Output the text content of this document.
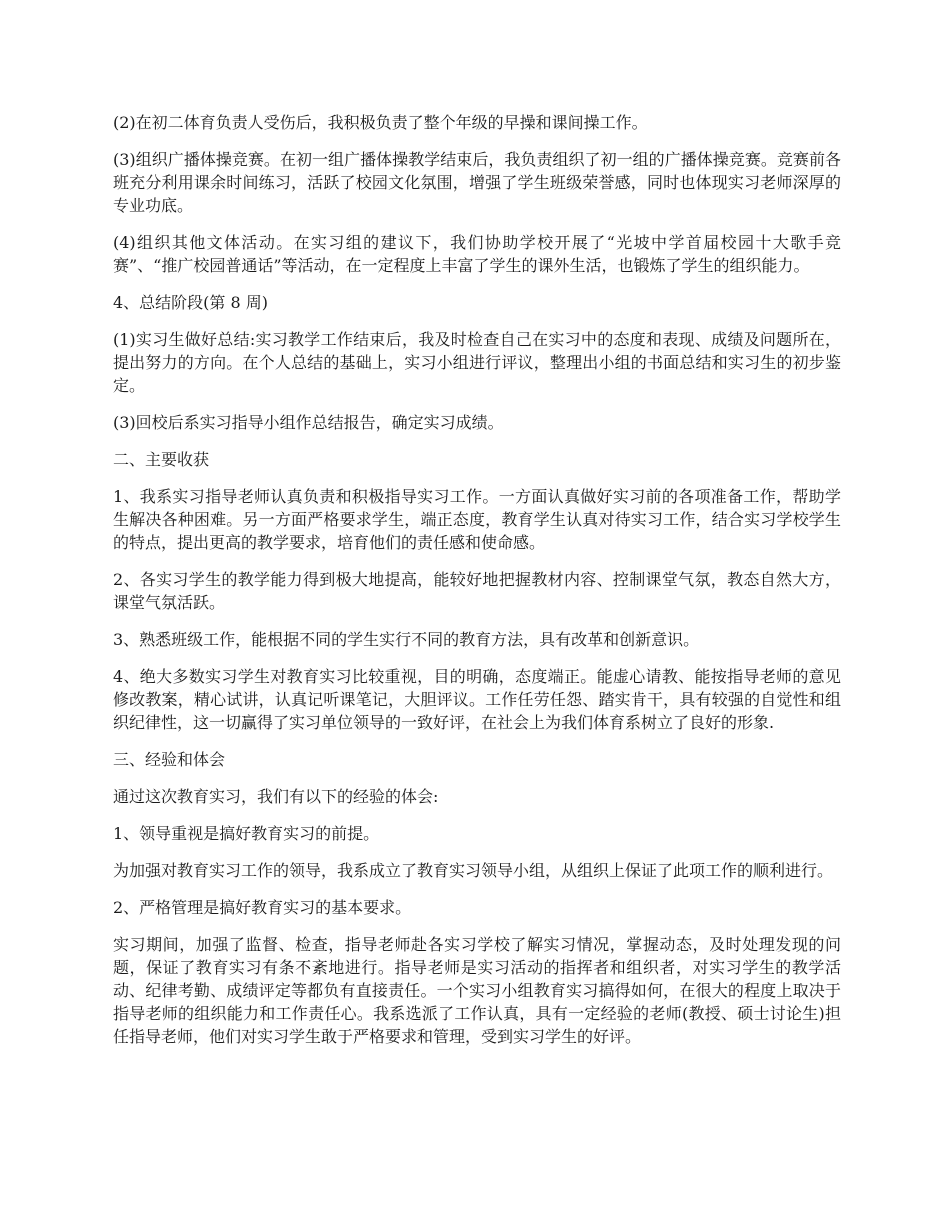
(2)在初二体育负责人受伤后，我积极负责了整个年级的早操和课间操工作。

(3)组织广播体操竞赛。在初一组广播体操教学结束后，我负责组织了初一组的广播体操竞赛。竞赛前各班充分利用课余时间练习，活跃了校园文化氛围，增强了学生班级荣誉感，同时也体现实习老师深厚的专业功底。

(4)组织其他文体活动。在实习组的建议下，我们协助学校开展了“光坡中学首届校园十大歌手竞赛”、“推广校园普通话”等活动，在一定程度上丰富了学生的课外生活，也锻炼了学生的组织能力。

4、总结阶段(第 8 周)

(1)实习生做好总结:实习教学工作结束后，我及时检查自己在实习中的态度和表现、成绩及问题所在，提出努力的方向。在个人总结的基础上，实习小组进行评议，整理出小组的书面总结和实习生的初步鉴定。

(3)回校后系实习指导小组作总结报告，确定实习成绩。

二、主要收获

1、我系实习指导老师认真负责和积极指导实习工作。一方面认真做好实习前的各项准备工作，帮助学生解决各种困难。另一方面严格要求学生，端正态度，教育学生认真对待实习工作，结合实习学校学生的特点，提出更高的教学要求，培育他们的责任感和使命感。

2、各实习学生的教学能力得到极大地提高，能较好地把握教材内容、控制课堂气氛，教态自然大方，课堂气氛活跃。

3、熟悉班级工作，能根据不同的学生实行不同的教育方法，具有改革和创新意识。

4、绝大多数实习学生对教育实习比较重视，目的明确，态度端正。能虚心请教、能按指导老师的意见修改教案，精心试讲，认真记听课笔记，大胆评议。工作任劳任怨、踏实肯干，具有较强的自觉性和组织纪律性，这一切赢得了实习单位领导的一致好评，在社会上为我们体育系树立了良好的形象.

三、经验和体会

通过这次教育实习，我们有以下的经验的体会:

1、领导重视是搞好教育实习的前提。

为加强对教育实习工作的领导，我系成立了教育实习领导小组，从组织上保证了此项工作的顺利进行。

2、严格管理是搞好教育实习的基本要求。

实习期间，加强了监督、检查，指导老师赴各实习学校了解实习情况，掌握动态，及时处理发现的问题，保证了教育实习有条不紊地进行。指导老师是实习活动的指挥者和组织者，对实习学生的教学活动、纪律考勤、成绩评定等都负有直接责任。一个实习小组教育实习搞得如何，在很大的程度上取决于指导老师的组织能力和工作责任心。我系选派了工作认真，具有一定经验的老师(教授、硕士讨论生)担任指导老师，他们对实习学生敢于严格要求和管理，受到实习学生的好评。
